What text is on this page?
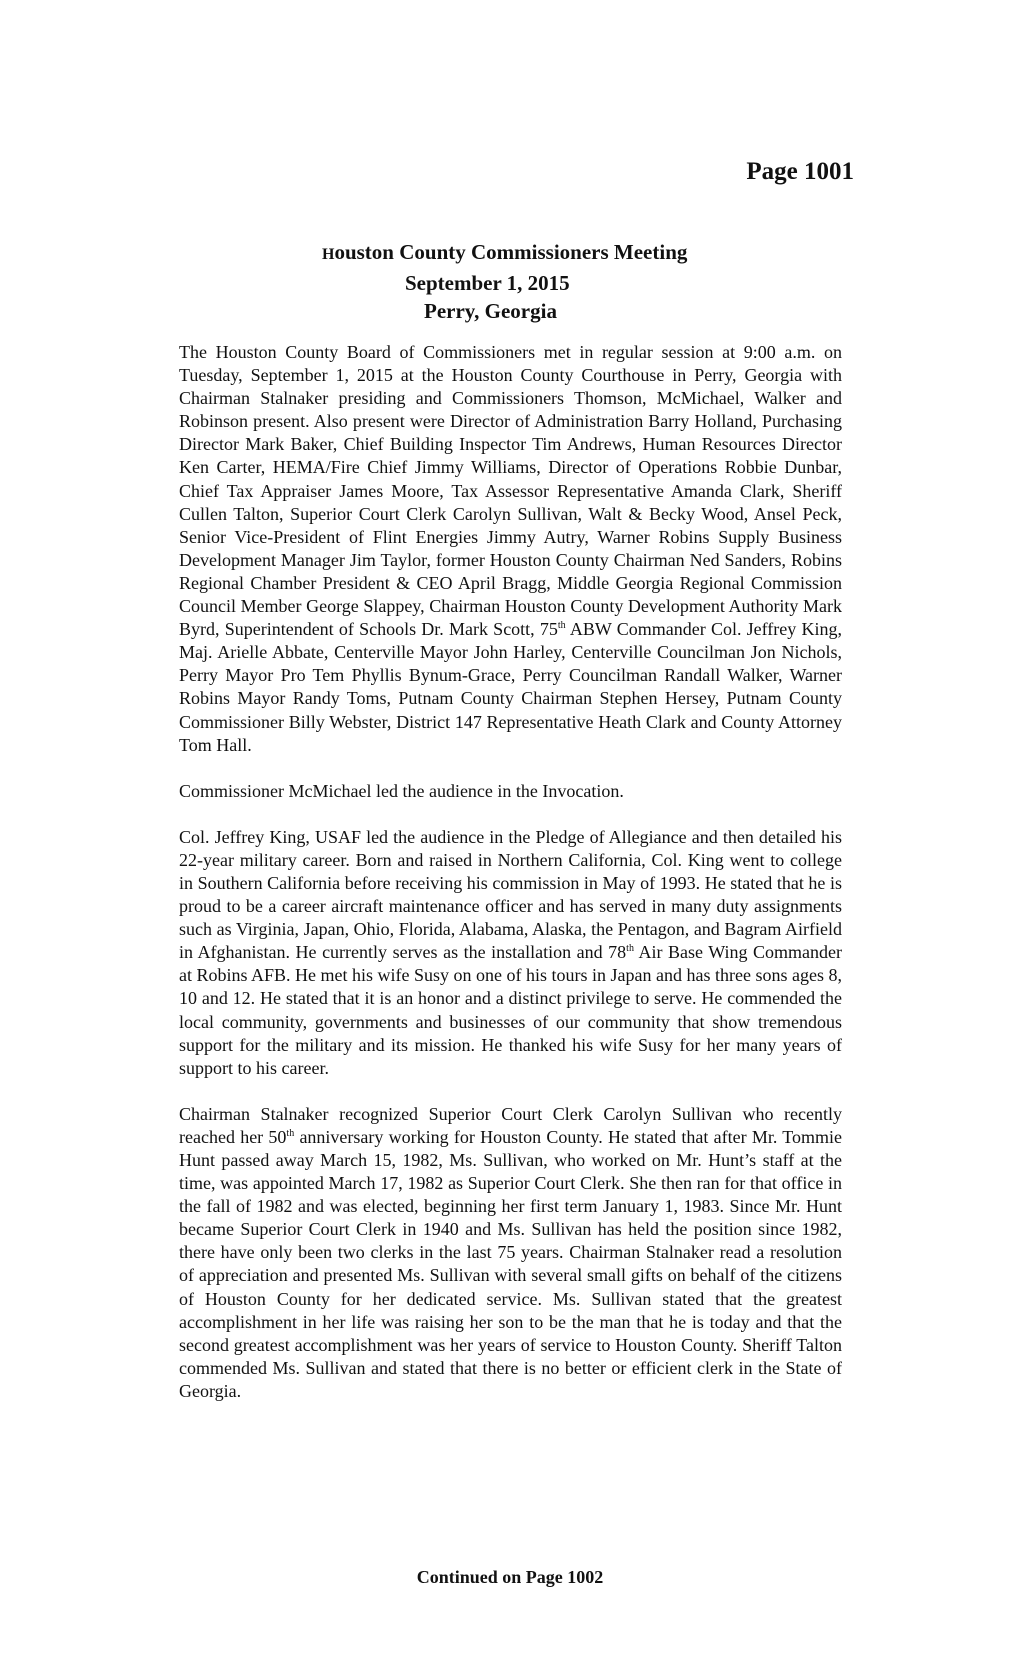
Page 1001

Houston County Commissioners Meeting
September 1, 2015
Perry, Georgia

The Houston County Board of Commissioners met in regular session at 9:00 a.m. on Tuesday, September 1, 2015 at the Houston County Courthouse in Perry, Georgia with Chairman Stalnaker presiding and Commissioners Thomson, McMichael, Walker and Robinson present. Also present were Director of Administration Barry Holland, Purchasing Director Mark Baker, Chief Building Inspector Tim Andrews, Human Resources Director Ken Carter, HEMA/Fire Chief Jimmy Williams, Director of Operations Robbie Dunbar, Chief Tax Appraiser James Moore, Tax Assessor Representative Amanda Clark, Sheriff Cullen Talton, Superior Court Clerk Carolyn Sullivan, Walt & Becky Wood, Ansel Peck, Senior Vice-President of Flint Energies Jimmy Autry, Warner Robins Supply Business Development Manager Jim Taylor, former Houston County Chairman Ned Sanders, Robins Regional Chamber President & CEO April Bragg, Middle Georgia Regional Commission Council Member George Slappey, Chairman Houston County Development Authority Mark Byrd, Superintendent of Schools Dr. Mark Scott, 75th ABW Commander Col. Jeffrey King, Maj. Arielle Abbate, Centerville Mayor John Harley, Centerville Councilman Jon Nichols, Perry Mayor Pro Tem Phyllis Bynum-Grace, Perry Councilman Randall Walker, Warner Robins Mayor Randy Toms, Putnam County Chairman Stephen Hersey, Putnam County Commissioner Billy Webster, District 147 Representative Heath Clark and County Attorney Tom Hall.

Commissioner McMichael led the audience in the Invocation.

Col. Jeffrey King, USAF led the audience in the Pledge of Allegiance and then detailed his 22-year military career. Born and raised in Northern California, Col. King went to college in Southern California before receiving his commission in May of 1993. He stated that he is proud to be a career aircraft maintenance officer and has served in many duty assignments such as Virginia, Japan, Ohio, Florida, Alabama, Alaska, the Pentagon, and Bagram Airfield in Afghanistan. He currently serves as the installation and 78th Air Base Wing Commander at Robins AFB. He met his wife Susy on one of his tours in Japan and has three sons ages 8, 10 and 12. He stated that it is an honor and a distinct privilege to serve. He commended the local community, governments and businesses of our community that show tremendous support for the military and its mission. He thanked his wife Susy for her many years of support to his career.

Chairman Stalnaker recognized Superior Court Clerk Carolyn Sullivan who recently reached her 50th anniversary working for Houston County. He stated that after Mr. Tommie Hunt passed away March 15, 1982, Ms. Sullivan, who worked on Mr. Hunt’s staff at the time, was appointed March 17, 1982 as Superior Court Clerk. She then ran for that office in the fall of 1982 and was elected, beginning her first term January 1, 1983. Since Mr. Hunt became Superior Court Clerk in 1940 and Ms. Sullivan has held the position since 1982, there have only been two clerks in the last 75 years. Chairman Stalnaker read a resolution of appreciation and presented Ms. Sullivan with several small gifts on behalf of the citizens of Houston County for her dedicated service. Ms. Sullivan stated that the greatest accomplishment in her life was raising her son to be the man that he is today and that the second greatest accomplishment was her years of service to Houston County. Sheriff Talton commended Ms. Sullivan and stated that there is no better or efficient clerk in the State of Georgia.

Continued on Page 1002
